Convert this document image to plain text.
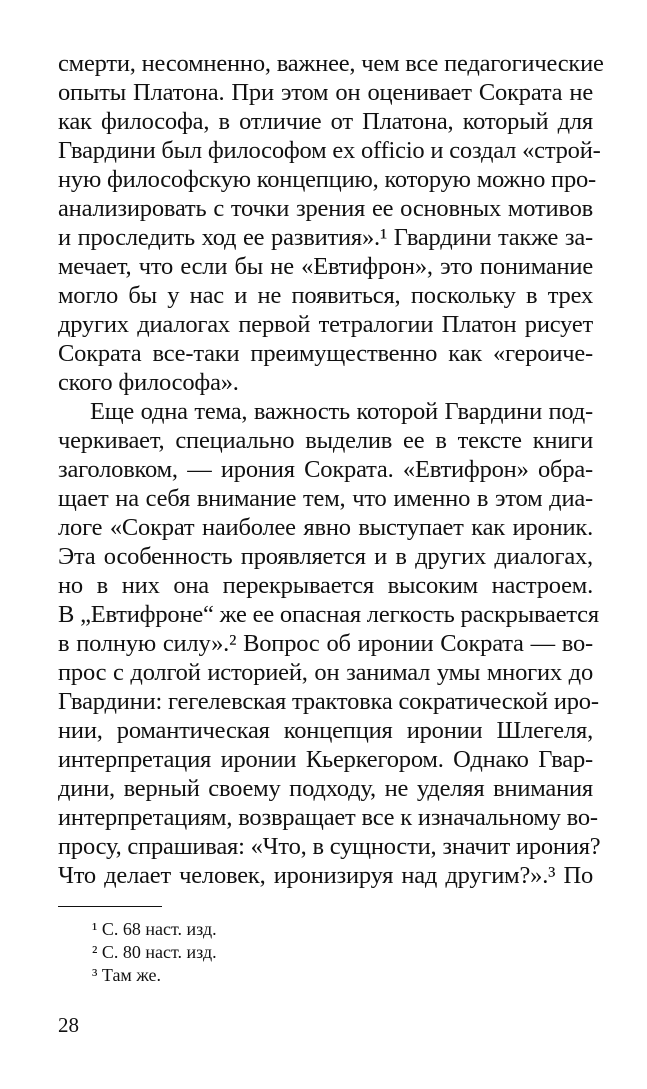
смерти, несомненно, важнее, чем все педагогические
опыты Платона. При этом он оценивает Сократа не
как философа, в отличие от Платона, который для
Гвардини был философом ex officio и создал «строй-
ную философскую концепцию, которую можно про-
анализировать с точки зрения ее основных мотивов
и проследить ход ее развития».¹ Гвардини также за-
мечает, что если бы не «Евтифрон», это понимание
могло бы у нас и не появиться, поскольку в трех
других диалогах первой тетралогии Платон рисует
Сократа все-таки преимущественно как «героиче-
ского философа».
Еще одна тема, важность которой Гвардини под-
черкивает, специально выделив ее в тексте книги
заголовком, — ирония Сократа. «Евтифрон» обра-
щает на себя внимание тем, что именно в этом диа-
логе «Сократ наиболее явно выступает как ироник.
Эта особенность проявляется и в других диалогах,
но в них она перекрывается высоким настроем.
В „Евтифроне“ же ее опасная легкость раскрывается
в полную силу».² Вопрос об иронии Сократа — во-
прос с долгой историей, он занимал умы многих до
Гвардини: гегелевская трактовка сократической иро-
нии, романтическая концепция иронии Шлегеля,
интерпретация иронии Кьеркегором. Однако Гвар-
дини, верный своему подходу, не уделяя внимания
интерпретациям, возвращает все к изначальному во-
просу, спрашивая: «Что, в сущности, значит ирония?
Что делает человек, иронизируя над другим?».³ По
¹ С. 68 наст. изд.
² С. 80 наст. изд.
³ Там же.
28
